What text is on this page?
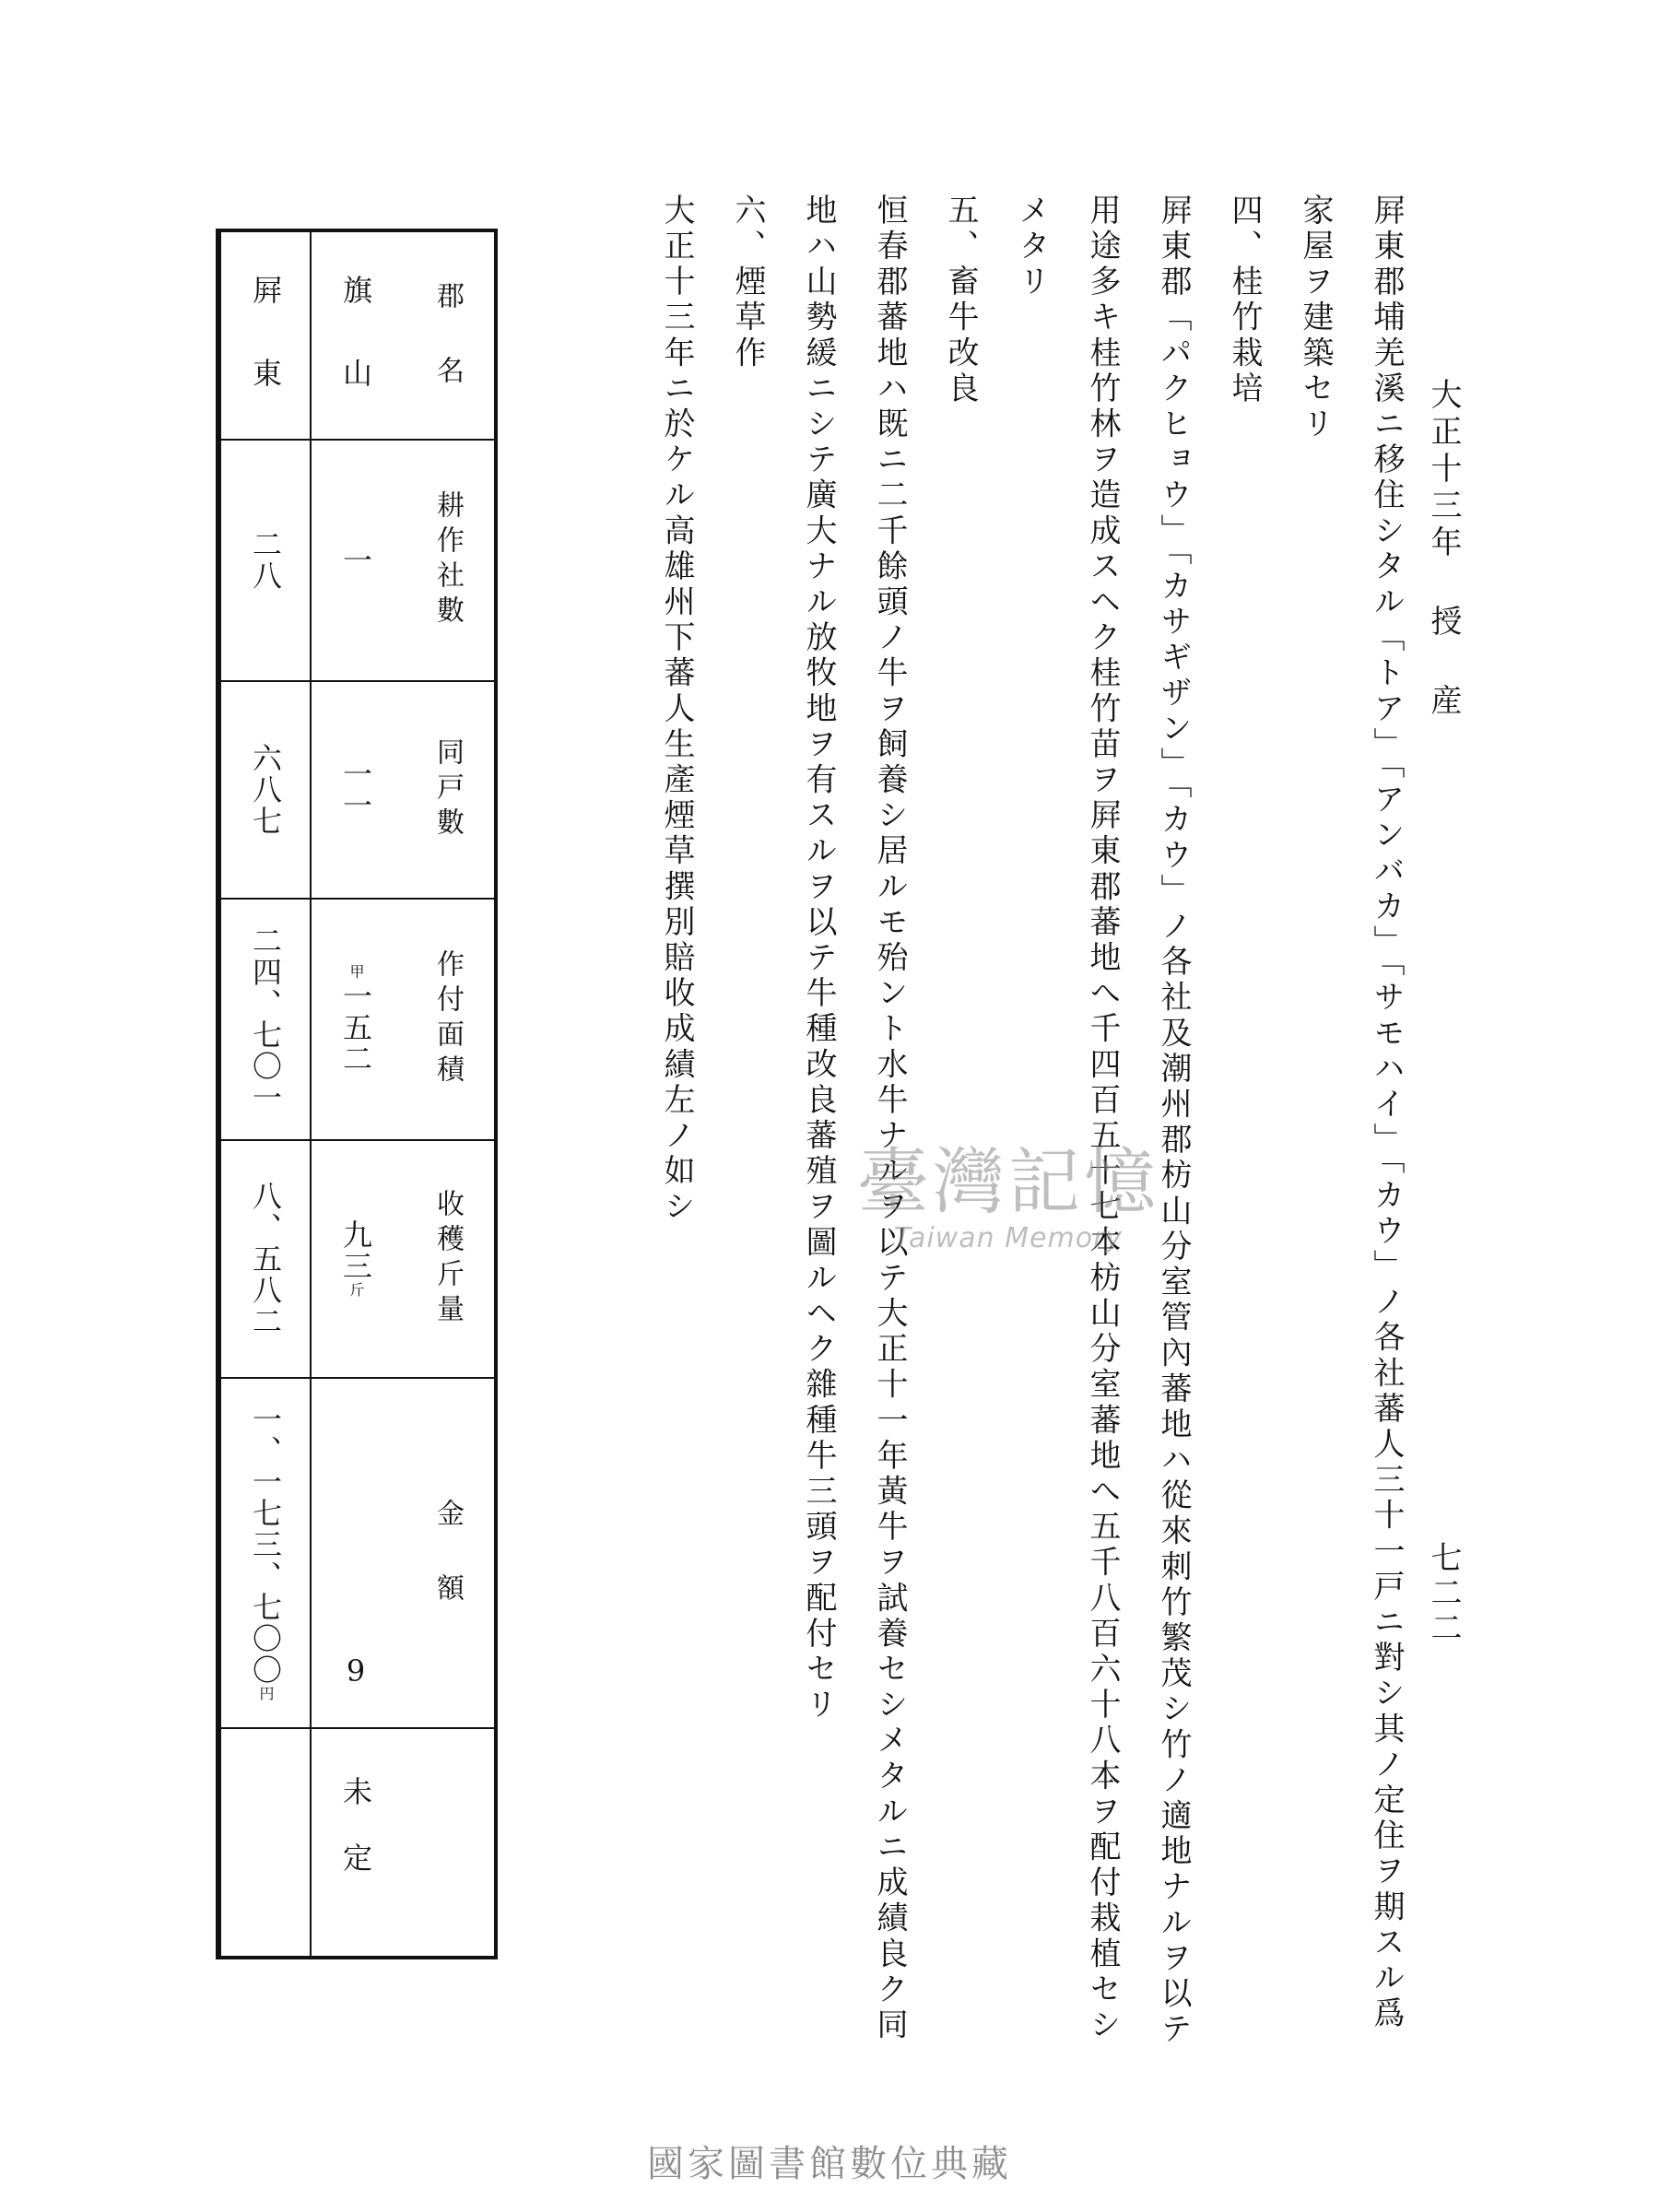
大正十三年 授 産
七二二
屛東郡埔羌溪ニ移住シタル「トア」「アンバカ」「サモハイ」「カウ」ノ各社蕃人三十一戸ニ對シ其ノ定住ヲ期スル爲
家屋ヲ建築セリ
四、桂竹栽培
屛東郡「パクヒョウ」「カサギザン」「カウ」ノ各社及潮州郡枋山分室管內蕃地ハ從來刺竹繁茂シ竹ノ適地ナルヲ以テ
用途多キ桂竹林ヲ造成スヘク桂竹苗ヲ屛東郡蕃地へ千四百五十七本枋山分室蕃地へ五千八百六十八本ヲ配付栽植セシ
メタリ
五、畜牛改良
恒春郡蕃地ハ既ニ二千餘頭ノ牛ヲ飼養シ居ルモ殆ント水牛ナルヲ以テ大正十一年黃牛ヲ試養セシメタルニ成績良ク同
地ハ山勢緩ニシテ廣大ナル放牧地ヲ有スルヲ以テ牛種改良蕃殖ヲ圖ルヘク雜種牛三頭ヲ配付セリ
六、煙草作
大正十三年ニ於ケル高雄州下蕃人生產煙草撰別賠收成績左ノ如シ
郡 名
耕作社數
同戸數
作付面積
收穫斤量
金 額
旗 山
一
一一
甲一五二
九三斤
9
未定
屛 東
二八
六八七
二四、七〇一
八、五八二
一、一七三、七〇〇円
臺灣記憶
Taiwan Memory
國家圖書館數位典藏
